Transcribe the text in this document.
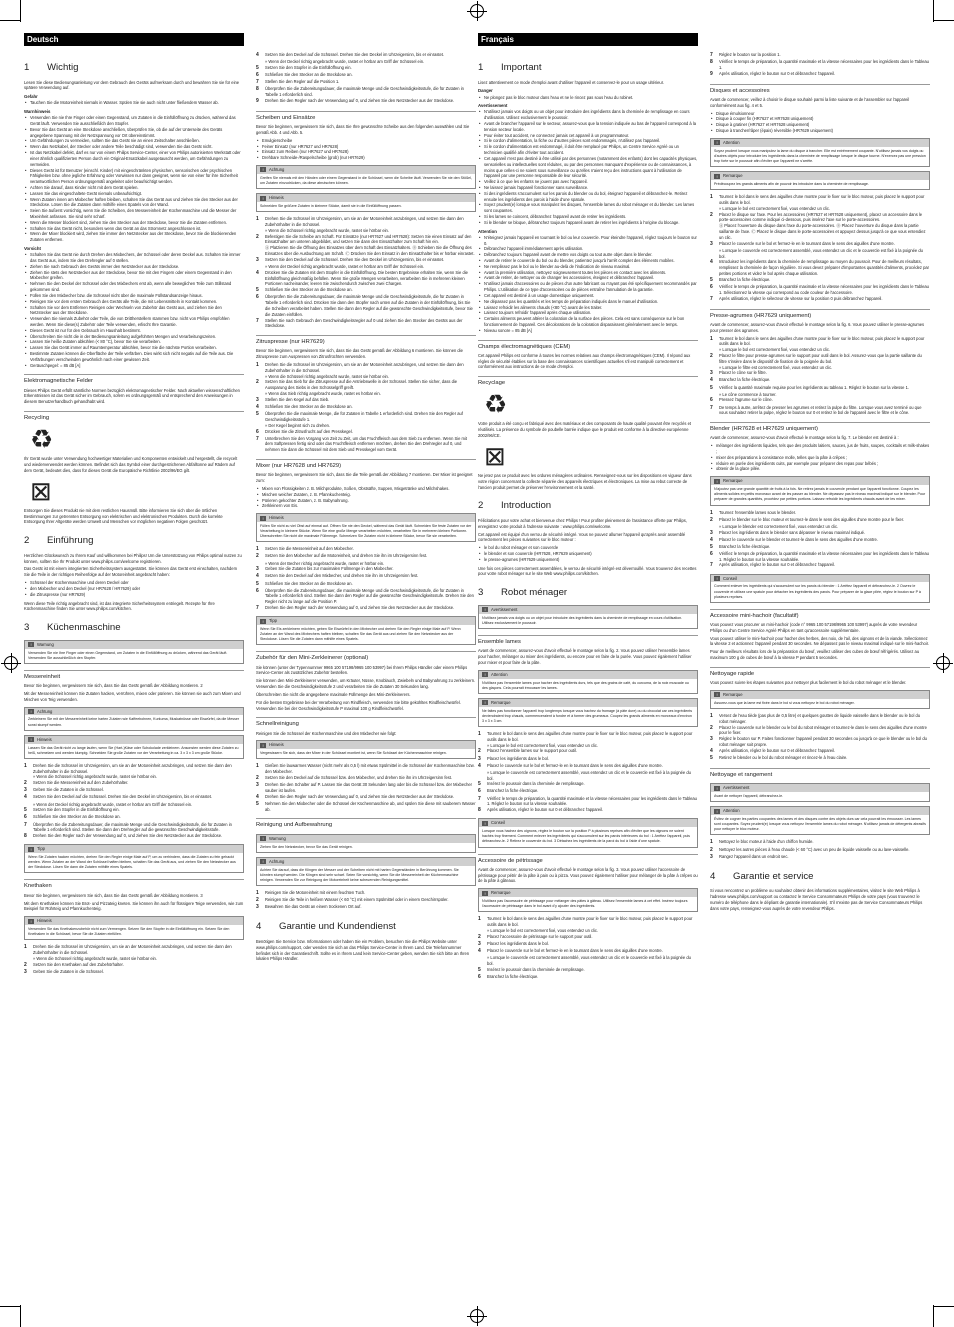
Deutsch
1	Wichtig

Lesen Sie diese Bedienungsanleitung vor dem Gebrauch des Geräts aufmerksam durch und bewahren Sie sie für eine spätere Verwendung auf.

Gefahr
• Tauchen Sie die Motoreinheit niemals in Wasser. Spülen Sie sie auch nicht unter fließendem Wasser ab.
Warnhinweis
• Verwenden Sie nie Ihre Finger oder einen Gegenstand, um Zutaten in die Einfüllöffnung zu drücken, während das Gerät läuft. Verwenden Sie ausschließlich den Stopfer.
• Bevor Sie das Gerät an eine Steckdose anschließen, überprüfen Sie, ob die auf der Unterseite des Geräts angegebene Spannung mit der Netzspannung vor Ort übereinstimmt.
• Um Gefährdungen zu vermeiden, sollten Sie das Gerät nie an einen Zeitschalter anschließen.
• Wenn das Netzkabel, der Stecker oder andere Teile beschädigt sind, verwenden Sie das Gerät nicht.
• Ist das Netzkabel defekt, darf es nur von einem Philips Service-Center, einer von Philips autorisierten Werkstatt oder einer ähnlich qualifizierten Person durch ein Original-Ersatzkabel ausgetauscht werden, um Gefährdungen zu vermeiden.
• Dieses Gerät ist für Benutzer (einschl. Kinder) mit eingeschränkten physischen, sensorischen oder psychischen Fähigkeiten bzw. ohne jegliche Erfahrung oder Vorwissen nur dann geeignet, wenn sie von einer für ihre Sicherheit verantwortlichen Person ordnungsgemäß angeleitet oder beaufsichtigt werden.
• Achten Sie darauf, dass Kinder nicht mit dem Gerät spielen.
• Lassen Sie das eingeschaltete Gerät niemals unbeaufsichtigt.
• Wenn Zutaten innen am Mixbecher haften bleiben, schalten Sie das Gerät aus und ziehen Sie den Stecker aus der Steckdose. Lösen Sie die Zutaten dann mithilfe eines Spatels von der Wand.
• Seien Sie äußerst vorsichtig, wenn Sie die Scheiben, den Messereinheit der Küchenmaschine und die Messer der Mixeinheit anfassen. Sie sind sehr scharf.
• Wenn die Messer blockiert sind, ziehen Sie den Stecker aus der Steckdose, bevor Sie die Zutaten entfernen.
• Schalten Sie das Gerät nicht, besonders wenn das Gerät an das Stromnetz angeschlossen ist.
• Wenn der Mixer blockiert wird, ziehen Sie immer den Netzstecker aus der Steckdose, bevor Sie die blockierenden Zutaten entfernen.
Vorsicht
• Schalten Sie das Gerät nie durch Drehen des Mixbechers, der Schüssel oder deren Deckel aus. Schalten Sie immer das Gerät aus, indem Sie den Drehregler auf 0 stellen.
• Ziehen Sie nach Gebrauch des Geräts immer den Netzstecker aus der Steckdose.
• Ziehen Sie stets den Netzstecker aus der Steckdose, bevor Sie mit den Fingern oder einem Gegenstand in den Mixbecher greifen.
• Nehmen Sie den Deckel der Schüssel oder des Mixbechers erst ab, wenn alle beweglichen Teile zum Stillstand gekommen sind.
• Füllen Sie den Mixbecher bzw. die Schüssel nicht über die maximale Füllstandsanzeige hinaus.
• Reinigen Sie vor dem ersten Gebrauch des Geräts alle Teile, die mit Lebensmitteln in Kontakt kommen.
• Schalten Sie vor dem Entfernen Reinigen oder Wechseln von Zubehör das Gerät aus, und ziehen Sie den Netzstecker aus der Steckdose.
• Verwenden Sie niemals Zubehör oder Teile, die von Drittherstellern stammen bzw. nicht von Philips empfohlen werden. Wenn Sie diese(s) Zubehör oder Teile verwenden, erlischt Ihre Garantie.
• Dieses Gerät ist nur für den Gebrauch im Haushalt bestimmt.
• Überschreiten Sie nicht die in der Bedienungsanleitung aufgeführten Mengen und Verarbeitungszeiten.
• Lassen Sie heiße Zutaten abkühlen (< 80 °C), bevor Sie sie verarbeiten.
• Lassen Sie das Gerät immer auf Raumtemperatur abkühlen, bevor Sie die nächste Portion verarbeiten.
• Bestimmte Zutaten können die Oberfläche der Teile verfärben. Dies wirkt sich nicht negativ auf die Teile aus. Die Verfärbungen verschwinden gewöhnlich nach einer gewissen Zeit.
• Geräuschpegel: = 85 dB [A]
Elektromagnetische Felder

Dieses Philips Gerät erfüllt sämtliche Normen bezüglich elektromagnetischer Felder. Nach aktuellen wissenschaftlichen Erkenntnissen ist das Gerät sicher im Gebrauch, sofern es ordnungsgemäß und entsprechend den Anweisungen in diesem Benutzerhandbuch gehandhabt wird.

Recycling
♻

Ihr Gerät wurde unter Verwendung hochwertiger Materialien und Komponenten entwickelt und hergestellt, die recycelt und wiederverwendet werden können. Befindet sich das Symbol einer durchgestrichenen Abfalltonne auf Rädern auf dem Gerät, bedeutet dies, dass für dieses Gerät die Europäische Richtlinie 2002/96/EG gilt.

⊠

Entsorgen Sie dieses Produkt nie mit dem restlichen Hausmüll. Bitte informieren Sie sich über die örtlichen Bestimmungen zur getrennten Entsorgung von elektrischen und elektronischen Produkten. Durch die korrekte Entsorgung Ihrer Altgeräte werden Umwelt und Menschen vor möglichen negativen Folgen geschützt.

2	Einführung

Herzlichen Glückwunsch zu Ihrem Kauf und willkommen bei Philips! Um die Unterstützung von Philips optimal nutzen zu können, sollten Sie Ihr Produkt unter www.philips.com/welcome registrieren.

Das Gerät ist mit einem integrierten Sicherheitssystem ausgestattet. Sie können das Gerät erst einschalten, nachdem Sie die Teile in der richtigen Reihenfolge auf der Motoreinheit angebracht haben:

• Schüssel der Küchenmaschine und deren Deckel oder
• den Mixbecher und den Deckel (nur HR7628 / HR7629) oder
• die Zitruspresse (nur HR7629)

Wenn diese Teile richtig angebracht sind, ist das integrierte Sicherheitssystem entriegelt. Rezepte für Ihre Küchenmaschine finden Sie unter www.philips.com/kitchen.

3	Küchenmaschine
!	Warnung
Verwenden Sie nie Ihre Finger oder einen Gegenstand, um Zutaten in die Einfüllöffnung zu drücken, während das Gerät läuft. Verwenden Sie ausschließlich den Stopfer.
Messereinheit

Bevor Sie beginnen, vergewissern Sie sich, dass Sie das Gerät gemäß der Abbildung montieren. 2

Mit der Messereinheit können Sie Zutaten hacken, verrühren, mixen oder pürieren. Sie können sie auch zum Mixen und Mischen von Teig verwenden.

!	Achtung
Zerkleinern Sie mit der Messereinheit keine harten Zutaten wie Kaffeebohnen, Kurkuma, Muskatnüsse oder Eiswürfel, da die Messer sonst stumpf werden.
!	Hinweis
Lassen Sie das Gerät nicht zu lange laufen, wenn Sie (Hart-)Käse oder Schokolade zerkleinern. Ansonsten werden diese Zutaten zu heiß, schmelzen und werden klumpig. Schneiden Sie große Zutaten vor der Verarbeitung in ca. 3 x 3 x 3 cm große Stücke.
1	Drehen Sie die Schüssel im Uhrzeigersinn, um sie an der Motoreinheit anzubringen, und setzen Sie dann den Zubehörhalter in die Schüssel.
» Wenn die Schüssel richtig angebracht wurde, rastet sie hörbar ein.
2	Setzen Sie die Messereinheit auf den Zubehörhalter.
3	Geben Sie die Zutaten in die Schüssel.
4	Setzen Sie den Deckel auf die Schüssel. Drehen Sie den Deckel im Uhrzeigersinn, bis er einrastet.
» Wenn der Deckel richtig angebracht wurde, rastet er hörbar am Griff der Schüssel ein.
5	Setzen Sie den Stopfer in die Einfüllöffnung ein.
6	Schließen Sie den Stecker an die Steckdose an.
7	Überprüfen Sie die Zubereitungsdauer, die maximale Menge und die Geschwindigkeitsstufe, die für Zutaten in Tabelle 1 erforderlich sind. Stellen Sie dann den Drehregler auf die gewünschte Geschwindigkeitsstufe.
8	Drehen Sie den Regler nach der Verwendung auf 0, und ziehen Sie den Netzstecker aus der Steckdose.
!	Tipp
Wenn Sie Zutaten hacken möchten, drehen Sie den Regler einige Male auf P, um zu verhindern, dass die Zutaten zu fein gehackt werden. Wenn Zutaten an der Wand der Schüssel haften bleiben, schalten Sie das Gerät aus, und ziehen Sie den Netzstecker aus der Steckdose. Lösen Sie dann die Zutaten mithilfe eines Spatels.
Knethaken

Bevor Sie beginnen, vergewissern Sie sich, dass Sie das Gerät gemäß der Abbildung montieren. 3

Mit dem Knethaken können Sie Brot- und Pizzateig kneten. Sie können ihn auch für flüssigere Teige verwenden, wie zum Beispiel für Rührteig und Pfannkuchenteig.

!	Hinweis
Verwenden Sie das Knethakenzubehör nicht zum Vermengen. Setzen Sie den Stopfer in die Einfüllöffnung ein. Setzen Sie den Knethaken in die Schüssel, bevor Sie die Zutaten einfüllen.
1	Drehen Sie die Schüssel im Uhrzeigersinn, um sie an der Motoreinheit anzubringen, und setzen Sie dann den Zubehörhalter in die Schüssel.
» Wenn die Schüssel richtig angebracht wurde, rastet sie hörbar ein.
2	Setzen Sie den Knethaken auf den Zubehörhalter.
3	Geben Sie die Zutaten in die Schüssel.
4	Setzen Sie den Deckel auf die Schüssel. Drehen Sie den Deckel im Uhrzeigersinn, bis er einrastet.
» Wenn der Deckel richtig angebracht wurde, rastet er hörbar am Griff der Schüssel ein.
5	Setzen Sie den Stopfer in die Einfüllöffnung ein.
6	Schließen Sie den Stecker an die Steckdose an.
7	Stellen Sie den Regler auf die Position 1.
8	Überprüfen Sie die Zubereitungsdauer, die maximale Menge und die Geschwindigkeitsstufe, die für Zutaten in Tabelle 1 erforderlich sind.
9	Drehen Sie den Regler nach der Verwendung auf 0, und ziehen Sie den Netzstecker aus der Steckdose.
Scheiben und Einsätze

Bevor Sie beginnen, vergewissern Sie sich, dass Sie Ihre gewünschte Scheibe aus den folgenden auswählen und Sie gemäß Abb. 4 und Abb. 5.

• Emulgierscheibe
• Feiner Einsatz (nur HR7627 und HR7628)
• Einsatz zum Reiben (nur HR7627 und HR7628)
• Drehbare Schneide-/Raspelscheibe (grob) (nur HR7629)
!	Achtung
Greifen Sie niemals mit den Händen oder einem Gegenstand in die Schüssel, wenn die Scheibe läuft. Verwenden Sie nie den Stößel, um Zutaten einzudrücken, da diese abrutschen können.
!	Hinweis
Schneiden Sie größere Zutaten in kleinere Stücke, damit sie in die Einfüllöffnung passen.
1	Drehen Sie die Schüssel im Uhrzeigersinn, um sie an der Motoreinheit anzubringen, und setzen Sie dann den Zubehörhalter in die Schüssel.
» Wenn die Schüssel richtig angebracht wurde, rastet sie hörbar ein.
2	Befestigen Sie die Scheibe am Schaft. Für Einsätze (nur HR7627 und HR7628): Setzen Sie einen Einsatz auf den Einsatzhalter am unteren abgebildet, und setzen Sie dann den Einsatzhalter zum Schaft hin ein.
Ⓐ Platzieren Sie die Öffnung des Einsatzes über dem Schaft des Einsatzhalters. Ⓑ Schieben Sie die Öffnung des Einsatzes über die Ausbuchtung am Schaft. Ⓒ Drücken Sie den Einsatz in den Einsatzhalter bis er hörbar einrastet.
3	Setzen Sie den Deckel auf die Schüssel. Drehen Sie den Deckel im Uhrzeigersinn, bis er einrastet.
» Wenn der Deckel richtig angebracht wurde, rastet er hörbar am Griff der Schüssel ein.
4	Drücken Sie die Zutaten mit dem Stopfer in die Einfüllöffnung. Die besten Ergebnisse erhalten Sie, wenn Sie die Einfüllöffnung gleichmäßig befüllen. Wenn Sie große Mengen verarbeiten, verarbeiten Sie in mehreren kleinen Portionen nacheinander, leeren Sie zwischendurch zwischen zwei Chargen.
5	Schließen Sie den Stecker an die Steckdose an.
6	Überprüfen Sie die Zubereitungsdauer, die maximale Menge und die Geschwindigkeitsstufe, die für Zutaten in Tabelle 1 erforderlich sind. Drücken Sie dann den Stopfer nach unten auf die Zutaten in der Einfüllöffnung, bis Sie die Scheiben verarbeitet haben. Stellen Sie dann den Regler auf die gewünschte Geschwindigkeitsstufe, bevor Sie die Zutaten einfüllen.
7	Stellen Sie nach Gebrauch den Geschwindigkeitsregler auf 0 und ziehen Sie den Stecker des Geräts aus der Steckdose.
Zitruspresse (nur HR7629)

Bevor Sie beginnen, vergewissern Sie sich, dass Sie das Gerät gemäß der Abbildung 6 montieren. Sie können die Zitruspresse zum Auspressen von Zitrusfrüchten verwenden.

1	Drehen Sie die Schüssel im Uhrzeigersinn, um sie an der Motoreinheit anzubringen, und setzen Sie dann den Zubehörhalter in die Schüssel.
» Wenn die Schüssel richtig angebracht wurde, rastet sie hörbar ein.
2	Setzen Sie das Sieb für die Zitruspresse auf die Antriebswelle in der Schüssel. Stellen Sie sicher, dass die Aussparung des Siebs in den Schüsselgriff greift.
» Wenn das Sieb richtig angebracht wurde, rastet es hörbar ein.
3	Stellen Sie den Kegel auf das Sieb.
4	Schließen Sie den Stecker an die Steckdose an.
5	Überprüfen Sie die maximale Menge, die für Zutaten in Tabelle 1 erforderlich sind. Drehen Sie den Regler auf Geschwindigkeitsstufe 1.
» Der Kegel beginnt sich zu drehen.
6	Drücken Sie die Zitrusfrucht auf den Presskegel.
7	Unterbrechen Sie den Vorgang von Zeit zu Zeit, um das Fruchtfleisch aus dem Sieb zu entfernen. Wenn Sie mit dem Saftpressen fertig sind oder das Fruchtfleisch entfernen möchten, drehen Sie den Drehregler auf 0, und nehmen Sie dann die Schüssel mit dem Sieb und Presskegel vom Gerät.
Mixer (nur HR7628 und HR7629)

Bevor Sie beginnen, vergewissern Sie sich, dass Sie die Teile gemäß der Abbildung 7 montieren. Der Mixer ist geeignet zum:

• Mixen von Flüssigkeiten z. B. Milchprodukte, Soßen, Obstsäfte, Suppen, Mixgetränke und Milchshakes.
• Mischen weicher Zutaten, z. B. Pfannkuchenteig.
• Pürieren gekochter Zutaten, z. B. Babynahrung.
• Zerkleinern von Eis.
!	Hinweis
Füllen Sie nicht zu viel Obst auf einmal auf. Öffnen Sie nie den Deckel, während das Gerät läuft. Schneiden Sie feste Zutaten vor der Verarbeitung in kleinere Stücke. Wenn Sie eine große Menge verarbeiten möchten, verarbeiten Sie in mehreren kleinen Portionen. Überschreiten Sie nicht die maximale Füllmenge. Schmelzen Sie Zutaten nicht in kleinere Stücke, bevor Sie sie verarbeiten.
1	Setzen Sie die Messereinheit auf den Mixbecher.
2	Setzen Sie den Mixbecher auf die Motoreinheit, und drehen Sie ihn im Uhrzeigersinn fest.
» Wenn der Becher richtig angebracht wurde, rastet er hörbar ein.
3	Geben Sie die Zutaten bis zur maximalen Füllmenge in den Mixbecher.
4	Setzen Sie den Deckel auf den Mixbecher, und drehen Sie ihn im Uhrzeigersinn fest.
5	Schließen Sie den Stecker an die Steckdose an.
6	Überprüfen Sie die Zubereitungsdauer, die maximale Menge und die Geschwindigkeitsstufe, die für Zutaten in Tabelle 1 erforderlich sind. Stellen Sie dann den Regler auf die gewünschte Geschwindigkeitsstufe. Drehen Sie den Regler nicht zu lange auf die Position P.
7	Drehen Sie den Regler nach der Verwendung auf 0, und ziehen Sie den Netzstecker aus der Steckdose.
!	Tipp
Wenn Sie Eis zerkleinern möchten, geben Sie Eiswürfel in den Mixbecher und drehen Sie den Regler einige Male auf P. Wenn Zutaten an der Wand des Mixbechers haften bleiben, schalten Sie das Gerät aus und ziehen Sie den Netzstecker aus der Steckdose. Lösen Sie die Zutaten dann mithilfe eines Spatels.
Zubehör für den Mini-Zerkleinerer (optional)

Sie können (unter der Typennummer 9965 100 57198/9965 100 53997) bei Ihrem Philips Händler oder einem Philips Service-Center als zusätzliches Zubehör bestellen.

Sie können den Mini-Zerkleinerer verwenden, um Kräuter, Nüsse, Knoblauch, Zwiebeln und Babynahrung zu zerkleinern. Verwenden Sie die Geschwindigkeitsstufe 2 und verarbeiten Sie die Zutaten 30 Sekunden lang.

Überschreiten Sie nicht die angegebene maximale Füllmenge des Mini-Zerkleinerers.

Für die besten Ergebnisse bei der Verarbeitung von Rindfleisch, verwenden Sie bitte gekühltes Rindfleischwürfel. Verwenden Sie bei der Geschwindigkeitsstufe P maximal 100 g Rindfleischwürfel.

Schnellreinigung

Reinigen Sie die Schüssel der Küchenmaschine und den Mixbecher wie folgt:

!	Hinweis
Vergewissern Sie sich, dass der Mixer in der Schüssel montiert ist, wenn Sie Schüssel der Küchenmaschine reinigen.
1	Gießen Sie lauwarmes Wasser (nicht mehr als 0,5 l) mit etwas Spülmittel in die Schüssel der Küchenmaschine bzw. den Mixbecher.
2	Setzen Sie den Deckel auf die Schüssel bzw. den Mixbecher, und drehen Sie ihn im Uhrzeigersinn fest.
3	Drehen Sie den Schalter auf P. Lassen Sie das Gerät 30 Sekunden lang oder bis die Schüssel bzw. der Mixbecher sauber ist laufen.
4	Drehen Sie den Regler nach der Verwendung auf 0, und ziehen Sie den Netzstecker aus der Steckdose.
5	Nehmen Sie den Mixbecher oder die Schüssel der Küchenmaschine ab, und spülen Sie diese mit sauberem Wasser ab.
Reinigung und Aufbewahrung
!	Warnung
Ziehen Sie den Netzstecker, bevor Sie das Gerät reinigen.
!	Achtung
Achten Sie darauf, dass die Klingen der Messer und der Scheiben nicht mit harten Gegenständen in Berührung kommen. Sie könnten stumpf werden. Die Klingen sind sehr scharf. Seien Sie vorsichtig, wenn Sie die Messereinheit der Küchenmaschine reinigen. Verwenden Sie zur Reinigung der Motoreinheit keine scheuernden Reinigungsmittel.
1	Reinigen Sie die Motoreinheit mit einem feuchten Tuch.
2	Reinigen Sie die Teile in heißem Wasser (< 60 °C) mit einem Spülmittel oder in einem Geschirrspüler.
3	Bewahren Sie das Gerät an einem trockenen Ort auf.
4	Garantie und Kundendienst

Benötigen Sie Service bzw. Informationen oder haben Sie ein Problem, besuchen Sie die Philips Website unter www.philips.com/support, oder wenden Sie sich an das Philips Service-Center in Ihrem Land. Die Telefonnummer befindet sich in der Garantieschrift. Sollte es in Ihrem Land kein Service-Center geben, wenden Sie sich bitte an Ihren lokalen Philips Händler.

Français
1	Important

Lisez attentivement ce mode d'emploi avant d'utiliser l'appareil et conservez-le pour un usage ultérieur.

Danger
• Ne plongez pas le bloc moteur dans l'eau et ne le rincez pas sous l'eau du robinet.
Avertissement
• N'utilisez jamais vos doigts ou un objet pour introduire des ingrédients dans la cheminée de remplissage en cours d'utilisation. Utilisez exclusivement le poussoir.
• Avant de brancher l'appareil sur le secteur, assurez-vous que la tension indiquée au bas de l'appareil correspond à la tension secteur locale.
• Pour éviter tout accident, ne connectez jamais cet appareil à un programmateur.
• Si le cordon d'alimentation, la fiche ou d'autres pièces sont endommagés, n'utilisez pas l'appareil.
• Si le cordon d'alimentation est endommagé, il doit être remplacé par Philips, un Centre Service Agréé ou un technicien qualifié afin d'éviter tout accident.
• Cet appareil n'est pas destiné à être utilisé par des personnes (notamment des enfants) dont les capacités physiques, sensorielles ou intellectuelles sont réduites, ou par des personnes manquant d'expérience ou de connaissances, à moins que celles-ci ne soient sous surveillance ou qu'elles n'aient reçu des instructions quant à l'utilisation de l'appareil par une personne responsable de leur sécurité.
• Veillez à ce que les enfants ne jouent pas avec l'appareil.
• Ne laissez jamais l'appareil fonctionner sans surveillance.
• Si des ingrédients s'accumulent sur les parois du blender ou du bol, éteignez l'appareil et débranchez-le. Retirez ensuite les ingrédients des parois à l'aide d'une spatule.
• Soyez prudent(e) lorsque vous manipulez les disques, l'ensemble lames du robot ménager et du blender. Les lames sont coupantes.
• Si les lames se coincent, débranchez l'appareil avant de retirer les ingrédients.
• Si le blender se bloque, débranchez toujours l'appareil avant de retirer les ingrédients à l'origine du blocage.
Attention
• N'éteignez jamais l'appareil en tournant le bol ou leur couvercle. Pour éteindre l'appareil, réglez toujours le bouton sur 0.
• Débranchez l'appareil immédiatement après utilisation.
• Débranchez toujours l'appareil avant de mettre vos doigts ou tout autre objet dans le blender.
• Avant de retirer le couvercle du bol ou du blender, patientez jusqu'à l'arrêt complet des éléments mobiles.
• Ne remplissez pas le bol ou le blender au-delà de l'indication de niveau maximal.
• Avant la première utilisation, nettoyez soigneusement toutes les pièces en contact avec les aliments.
• Avant de retirer, de nettoyer ou de changer les accessoires, éteignez et débranchez l'appareil.
• N'utilisez jamais d'accessoires ou de pièces d'un autre fabricant ou n'ayant pas été spécifiquement recommandés par Philips. L'utilisation de ce type d'accessoires ou de pièces entraîne l'annulation de la garantie.
• Cet appareil est destiné à un usage domestique uniquement.
• Ne dépassez pas les quantités et les temps de préparation indiqués dans le manuel d'utilisation.
• Laissez refroidir les aliments chauds (<80 °C) avant de les traiter.
• Laissez toujours refroidir l'appareil après chaque utilisation.
• Certains aliments peuvent altérer la coloration de la surface des pièces. Cela est sans conséquence sur le bon fonctionnement de l'appareil. Ces décolorations de la coloration disparaissent généralement avec le temps.
• Niveau sonore = 85 dB [A]
Champs électromagnétiques (CEM)

Cet appareil Philips est conforme à toutes les normes relatives aux champs électromagnétiques (CEM). Il répond aux règles de sécurité établies sur la base des connaissances scientifiques actuelles s'il est manipulé correctement et conformément aux instructions de ce mode d'emploi.

Recyclage
♻

Votre produit a été conçu et fabriqué avec des matériaux et des composants de haute qualité pouvant être recyclés et réutilisés. La présence du symbole de poubelle barrée indique que le produit est conforme à la directive européenne 2002/96/CE.

⊠

Ne jetez pas ce produit avec les ordures ménagères ordinaires. Renseignez-vous sur les dispositions en vigueur dans votre région concernant la collecte séparée des appareils électriques et électroniques. La mise au rebut correcte de l'ancien produit permet de préserver l'environnement et la santé.

2	Introduction

Félicitations pour votre achat et bienvenue chez Philips ! Pour profiter pleinement de l'assistance offerte par Philips, enregistrez votre produit à l'adresse suivante : www.philips.com/welcome.

Cet appareil est équipé d'un verrou de sécurité intégré. Vous ne pouvez allumer l'appareil qu'après avoir assemblé correctement les pièces suivantes sur le bloc moteur :

• le bol du robot ménager et son couvercle
• le blender et son couvercle (HR7628, HR7629 uniquement)
• le presse-agrumes (HR7629 uniquement)

Une fois ces pièces correctement assemblées, le verrou de sécurité intégré est déverrouillé. Vous trouverez des recettes pour votre robot ménager sur le site Web www.philips.com/kitchen.

3	Robot ménager
!	Avertissement
N'utilisez jamais vos doigts ou un objet pour introduire des ingrédients dans la cheminée de remplissage en cours d'utilisation. Utilisez exclusivement le poussoir.
Ensemble lames

Avant de commencer, assurez-vous d'avoir effectué le montage selon la fig. 2. Vous pouvez utiliser l'ensemble lames pour hacher, mélanger ou mixer des ingrédients, ou encore pour en faire de la purée. Vous pouvez également l'utiliser pour mixer et pour faire de la pâte.

!	Attention
N'utilisez pas l'ensemble lames pour hacher des ingrédients durs, tels que des grains de café, du curcuma, de la noix muscade ou des glaçons. Cela pourrait émousser les lames.
!	Remarque
Ne faites pas fonctionner l'appareil trop longtemps lorsque vous hachez du fromage (à pâte dure) ou du chocolat car ces ingrédients deviendraient trop chauds, commenceraient à fondre et à former des grumeaux. Coupez les grands aliments en morceaux d'environ 3 x 3 x 3 cm.
1	Tournez le bol dans le sens des aiguilles d'une montre pour le fixer sur le bloc moteur, puis placez le support pour outils dans le bol.
» Lorsque le bol est correctement fixé, vous entendez un clic.
2	Placez l'ensemble lames sur le support pour outil.
3	Placez les ingrédients dans le bol.
4	Placez le couvercle sur le bol et fermez-le en le tournant dans le sens des aiguilles d'une montre.
» Lorsque le couvercle est correctement assemblé, vous entendez un clic et le couvercle est fixé à la poignée du bol.
5	Insérez le poussoir dans la cheminée de remplissage.
6	Branchez la fiche électrique.
7	Vérifiez le temps de préparation, la quantité maximale et la vitesse nécessaires pour les ingrédients dans le Tableau 1. Réglez le bouton sur la vitesse souhaitée.
8	Après utilisation, réglez le bouton sur 0 et débranchez l'appareil.
!	Conseil
Lorsque vous hachez des oignons, réglez le bouton sur la position P à plusieurs reprises afin d'éviter que les oignons ne soient hachés trop finement. Comment enlever les ingrédients qui s'accumulent sur les parois intérieures du bol : 1 Arrêtez l'appareil, puis débranchez-le. 2 Retirez le couvercle du bol. 3 Détachez les ingrédients de la paroi du bol à l'aide d'une spatule.
Accessoire de pétrissage

Avant de commencer, assurez-vous d'avoir effectué le montage selon la fig. 3. Vous pouvez utiliser l'accessoire de pétrissage pour pétrir de la pâte à pain ou à pizza. Vous pouvez également l'utiliser pour mélanger de la pâte à crêpes ou de la pâte à gâteaux.

!	Remarque
N'utilisez pas l'accessoire de pétrissage pour mélanger des pâtes à gâteau. Utilisez l'ensemble lames à cet effet. Insérez toujours l'accessoire de pétrissage dans le bol avant d'y ajouter des ingrédients.
1	Tournez le bol dans le sens des aiguilles d'une montre pour le fixer sur le bloc moteur, puis placez le support pour outils dans le bol.
» Lorsque le bol est correctement fixé, vous entendez un clic.
2	Placez l'accessoire de pétrissage sur le support pour outil.
3	Placez les ingrédients dans le bol.
4	Placez le couvercle sur le bol et fermez-le en le tournant dans le sens des aiguilles d'une montre.
» Lorsque le couvercle est correctement assemblé, vous entendez un clic et le couvercle est fixé à la poignée du bol.
5	Insérez le poussoir dans la cheminée de remplissage.
6	Branchez la fiche électrique.
7	Réglez le bouton sur la position 1.
8	Vérifiez le temps de préparation, la quantité maximale et la vitesse nécessaires pour les ingrédients dans le Tableau 1.
9	Après utilisation, réglez le bouton sur 0 et débranchez l'appareil.
Disques et accessoires

Avant de commencer, veillez à choisir le disque souhaité parmi la liste suivante et de l'assembler sur l'appareil conformément aux fig. 4 et 5.

• Disque émulsionneur
• Disque à couper fin (HR7627 et HR7628 uniquement)
• Disque à gratiner (HR7627 et HR7628 uniquement)
• Disque à trancher/râper (épais) réversible (HR7629 uniquement)
!	Attention
Soyez prudent lorsque vous manipulez la lame du disque à trancher. Elle est extrêmement coupante. N'utilisez jamais vos doigts ou d'autres objets pour introduire les ingrédients dans la cheminée de remplissage lorsque le disque tourne. N'exercez pas une pression trop forte sur le poussoir afin d'éviter que l'appareil ne s'arrête.
!	Remarque
Prédécoupez les grands aliments afin de pouvoir les introduire dans la cheminée de remplissage.
1	Tournez le bol dans le sens des aiguilles d'une montre pour le fixer sur le bloc moteur, puis placez le support pour outils dans le bol.
» Lorsque le bol est correctement fixé, vous entendez un clic.
2	Placez le disque sur l'axe. Pour les accessoires (HR7627 et HR7628 uniquement), placez un accessoire dans le porte-accessoires comme indiqué ci-dessous, puis insérez l'axe sur le porte-accessoires.
Ⓐ Placez l'ouverture du disque dans l'axe du porte-accessoires. Ⓑ Placez l'ouverture du disque dans la partie saillante de l'axe. Ⓒ Placez le disque dans le porte-accessoires et appuyez dessus jusqu'à ce que vous entendiez un clic.
3	Placez le couvercle sur le bol et fermez-le en le tournant dans le sens des aiguilles d'une montre.
» Lorsque le couvercle est correctement assemblé, vous entendez un clic et le couvercle est fixé à la poignée du bol.
4	Introduisez les ingrédients dans la cheminée de remplissage au moyen du poussoir. Pour de meilleurs résultats, remplissez la cheminée de façon régulière. Si vous devez préparer d'importantes quantités d'aliments, procédez par petites portions et videz le bol après chaque utilisation.
5	Branchez la fiche électrique.
6	Vérifiez le temps de préparation, la quantité maximale et la vitesse nécessaires pour les ingrédients dans le Tableau 1. Sélectionnez la vitesse qui correspond au code couleur de l'accessoire.
7	Après utilisation, réglez le sélecteur de vitesse sur la position 0 puis débranchez l'appareil.
Presse-agrumes (HR7629 uniquement)

Avant de commencer, assurez-vous d'avoir effectué le montage selon la fig. 6. Vous pouvez utiliser le presse-agrumes pour presser des agrumes.

1	Tournez le bol dans le sens des aiguilles d'une montre pour le fixer sur le bloc moteur, puis placez le support pour outils dans le bol.
» Lorsque le bol est correctement fixé, vous entendez un clic.
2	Placez le filtre pour presse-agrumes sur le support pour outil dans le bol. Assurez-vous que la partie saillante du filtre s'insère dans le dispositif de fixation de la poignée du bol.
» Lorsque le filtre est correctement fixé, vous entendez un clic.
3	Placez le cône sur le filtre.
4	Branchez la fiche électrique.
5	Vérifiez la quantité maximale requise pour les ingrédients au tableau 1. Réglez le bouton sur la vitesse 1.
» Le cône commence à tourner.
6	Pressez l'agrume sur le cône.
7	De temps à autre, arrêtez de presser les agrumes et retirez la pulpe du filtre. Lorsque vous avez terminé ou que vous souhaitez retirer la pulpe, réglez le bouton sur 0 et retirez le bol de l'appareil avec le filtre et le cône.
Blender (HR7628 et HR7629 uniquement)

Avant de commencer, assurez-vous d'avoir effectué le montage selon la fig. 7. Le blender est destiné à :

• mélanger des ingrédients liquides, tels que des produits laitiers, sauces, jus de fruits, soupes, cocktails et milk-shakes ;
• mixer des préparations à consistance molle, telles que la pâte à crêpes ;
• réduire en purée des ingrédients cuits, par exemple pour préparer des repas pour bébés ;
• obtenir de la glace pilée.
!	Remarque
N'ajoutez pas une grande quantité de fruits à la fois. Ne retirez jamais le couvercle pendant que l'appareil fonctionne. Coupez les aliments solides en petits morceaux avant de les passer au blender. Ne dépassez pas le niveau maximal indiqué sur le blender. Pour préparer de grandes quantités, procédez par petites portions. Laissez refroidir les ingrédients chauds avant de les mixer.
1	Tournez l'ensemble lames sous le blender.
2	Placez le blender sur le bloc moteur et tournez-le dans le sens des aiguilles d'une montre pour le fixer.
» Lorsque le blender est correctement fixé, vous entendez un clic.
3	Placez les ingrédients dans le blender sans dépasser le niveau maximal indiqué.
4	Placez le couvercle sur le blender et tournez-le dans le sens des aiguilles d'une montre.
5	Branchez la fiche électrique.
6	Vérifiez le temps de préparation, la quantité maximale et la vitesse nécessaires pour les ingrédients dans le Tableau 1. Réglez le bouton sur la vitesse souhaitée.
7	Après utilisation, réglez le bouton sur 0 et débranchez l'appareil.
!	Conseil
Comment enlever les ingrédients qui s'accumulent sur les parois du blender : 1 Arrêtez l'appareil et débranchez-le. 2 Ouvrez le couvercle et utilisez une spatule pour détacher les ingrédients des parois. Pour préparer de la glace pilée, réglez le bouton sur P à plusieurs reprises.
Accessoire mini-hachoir (facultatif)

Vous pouvez vous procurer un mini-hachoir (code n° 9965 100 57198/9965 100 53997) auprès de votre revendeur Philips ou d'un Centre Service Agréé Philips en tant qu'accessoire supplémentaire.

Vous pouvez utiliser le mini-hachoir pour hacher des herbes, des noix, de l'ail, des oignons et de la viande. Sélectionnez la vitesse 2 et actionnez l'appareil pendant 30 secondes. Ne dépassez pas le niveau maximal indiqué sur le mini-hachoir.

Pour de meilleurs résultats lors de la préparation du bœuf, veuillez utiliser des cubes de bœuf réfrigérés. Utilisez au maximum 100 g de cubes de bœuf à la vitesse P pendant 5 secondes.

Nettoyage rapide

Vous pouvez suivre les étapes suivantes pour nettoyer plus facilement le bol du robot ménager et le blender.

!	Remarque
Assurez-vous que la lame est fixée dans le bol si vous nettoyez le bol du robot ménager.
1	Versez de l'eau tiède (pas plus de 0,5 litre) et quelques gouttes de liquide vaisselle dans le blender ou le bol du robot ménager.
2	Placez le couvercle sur le blender ou le bol du robot ménager et tournez-le dans le sens des aiguilles d'une montre pour le fixer.
3	Réglez le bouton sur P. Faites fonctionner l'appareil pendant 30 secondes ou jusqu'à ce que le blender ou le bol du robot ménager soit propre.
4	Après utilisation, réglez le bouton sur 0 et débranchez l'appareil.
5	Retirez le blender ou le bol du robot ménager et rincez-le à l'eau claire.
Nettoyage et rangement
!	Avertissement
Avant de nettoyer l'appareil, débranchez-le.
!	Attention
Évitez de cogner les parties coupantes des lames et des disques contre des objets durs car cela pourrait les émousser. Les lames sont coupantes. Soyez prudent(e) lorsque vous nettoyez l'ensemble lames du robot ménager. N'utilisez jamais de détergents abrasifs pour nettoyer le bloc moteur.
1	Nettoyez le bloc moteur à l'aide d'un chiffon humide.
2	Nettoyez les autres pièces à l'eau chaude (< 60 °C) avec un peu de liquide vaisselle ou au lave-vaisselle.
3	Rangez l'appareil dans un endroit sec.
4	Garantie et service

Si vous rencontrez un problème ou souhaitez obtenir des informations supplémentaires, visitez le site Web Philips à l'adresse www.philips.com/support ou contactez le Service Consommateurs Philips de votre pays (vous trouverez le numéro de téléphone dans le dépliant de garantie internationale). S'il n'existe pas de Service Consommateurs Philips dans votre pays, renseignez-vous auprès de votre revendeur Philips.
